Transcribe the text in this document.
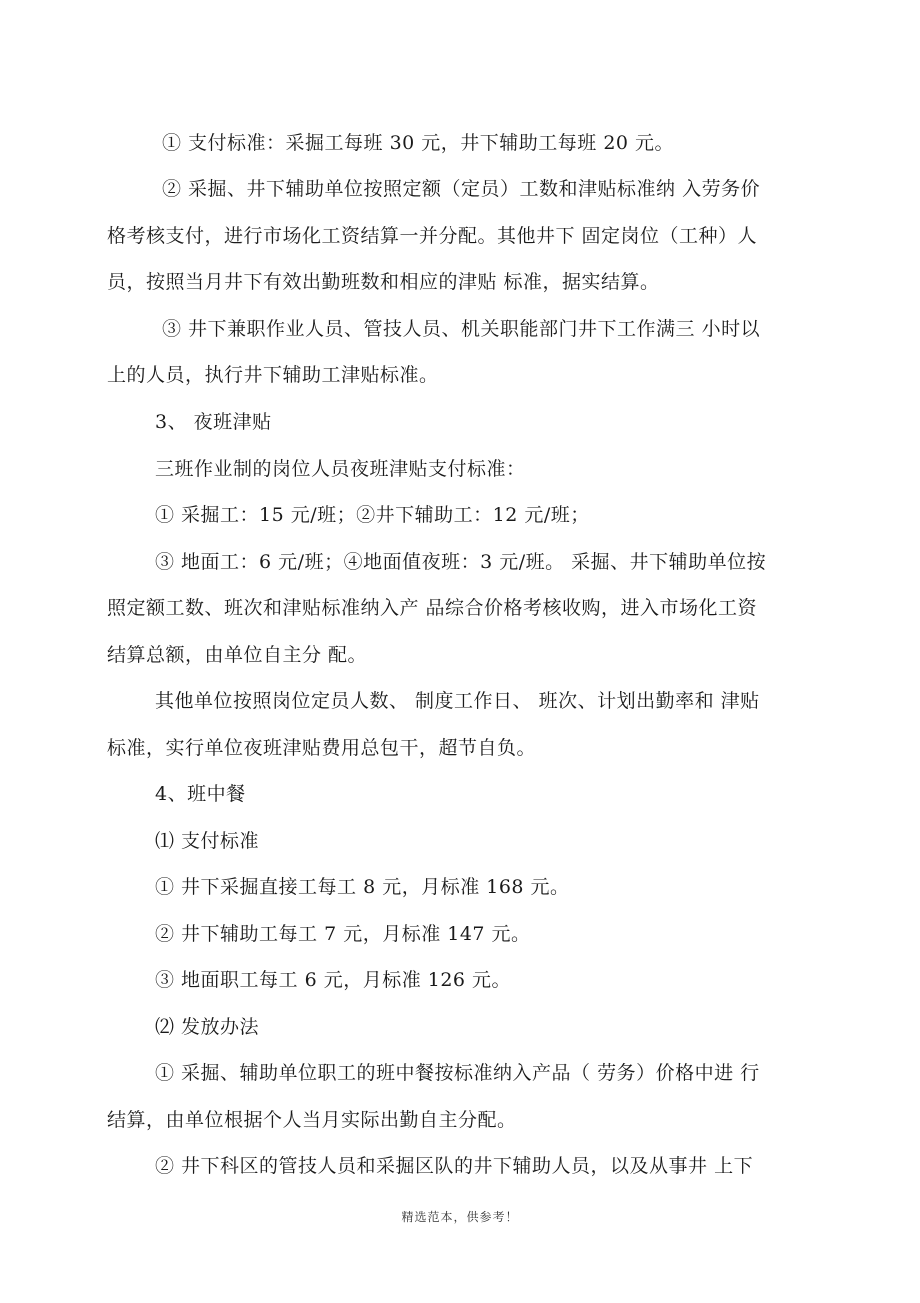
① 支付标准：采掘工每班 30 元，井下辅助工每班 20 元。
② 采掘、井下辅助单位按照定额（定员）工数和津贴标准纳 入劳务价
格考核支付，进行市场化工资结算一并分配。其他井下 固定岗位（工种）人
员，按照当月井下有效出勤班数和相应的津贴 标准，据实结算。
③ 井下兼职作业人员、管技人员、机关职能部门井下工作满三 小时以
上的人员，执行井下辅助工津贴标准。
3、 夜班津贴
三班作业制的岗位人员夜班津贴支付标准：
① 采掘工：15 元/班；②井下辅助工：12 元/班；
③ 地面工：6 元/班；④地面值夜班：3 元/班。 采掘、井下辅助单位按
照定额工数、班次和津贴标准纳入产 品综合价格考核收购，进入市场化工资
结算总额，由单位自主分 配。
其他单位按照岗位定员人数、 制度工作日、 班次、计划出勤率和 津贴
标准，实行单位夜班津贴费用总包干，超节自负。
4、班中餐
⑴ 支付标准
① 井下采掘直接工每工 8 元，月标准 168 元。
② 井下辅助工每工 7 元，月标准 147 元。
③ 地面职工每工 6 元，月标准 126 元。
⑵ 发放办法
① 采掘、辅助单位职工的班中餐按标准纳入产品（ 劳务）价格中进 行
结算，由单位根据个人当月实际出勤自主分配。
② 井下科区的管技人员和采掘区队的井下辅助人员，以及从事井 上下
精选范本，供参考！
